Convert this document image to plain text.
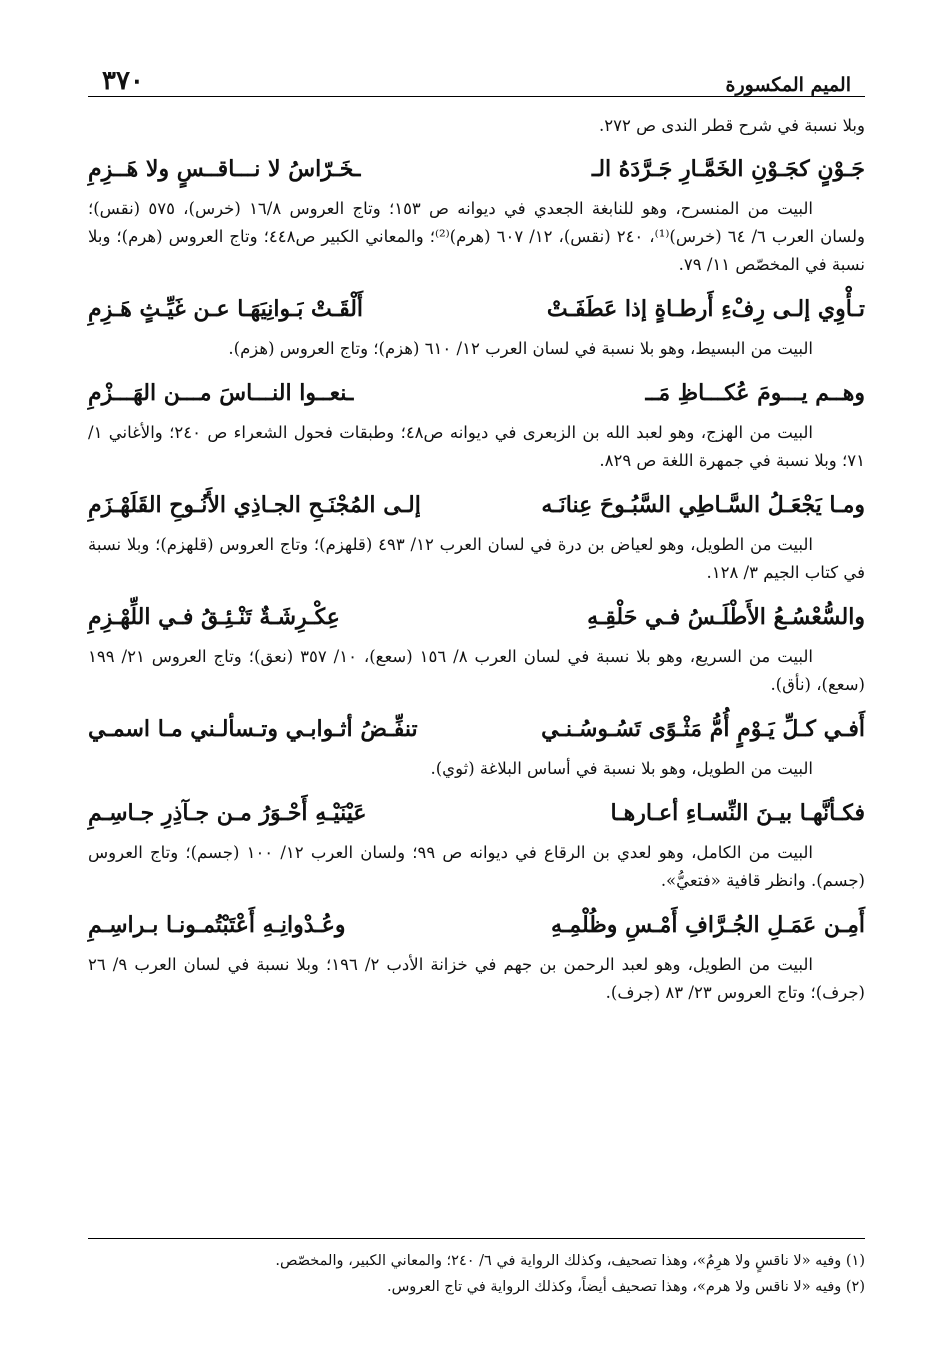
الميم المكسورة
٣٧٠
وبلا نسبة في شرح قطر الندى ص ٢٧٢.
جَـوْنٍ كجَـوْنِ الخَمَّـارِ جَـرَّدَهُ الـ
ـخَـرّاسُ لا نـــاقــسٍ ولا هَــزِمِ
البيت من المنسرح، وهو للنابغة الجعدي في ديوانه ص ١٥٣؛ وتاج العروس ١٦/٨ (خرس)، ٥٧٥ (نقس)؛ ولسان العرب ٦/ ٦٤ (خرس)⁽¹⁾، ٢٤٠ (نقس)، ١٢/ ٦٠٧ (هرم)⁽²⁾؛ والمعاني الكبير ص٤٤٨؛ وتاج العروس (هرم)؛ وبلا نسبة في المخصّص ١١/ ٧٩.
تـأْوِي إلـى رِفْءِ أَرطـاةٍ إذا عَطَفَـتْ
أَلْقَـتْ بَـوانِيَهَـا عـن غَيِّـثٍ هَـزِمِ
البيت من البسيط، وهو بلا نسبة في لسان العرب ١٢/ ٦١٠ (هزم)؛ وتاج العروس (هزم).
وهــم يـــومَ عُكـــاظِ مَــ
ـنعــوا النـــاسَ مـــن الهَـــزْمِ
البيت من الهزج، وهو لعبد الله بن الزبعرى في ديوانه ص٤٨؛ وطبقات فحول الشعراء ص ٢٤٠؛ والأغاني ١/ ٧١؛ وبلا نسبة في جمهرة اللغة ص ٨٢٩.
ومـا يَجْعَـلُ السَّـاطِي السَّبُـوحَ عِنانَـه
إلـى المُجْنَـحِ الجـاذِي الأَنُـوحِ القَلَهْـزَمِ
البيت من الطويل، وهو لعياض بن درة في لسان العرب ١٢/ ٤٩٣ (قلهزم)؛ وتاج العروس (قلهزم)؛ وبلا نسبة في كتاب الجيم ٣/ ١٢٨.
والسُّعْسُـعُ الأَطْلَـسُ فـي حَلْقِـهِ
عِكْـرِشَـةٌ تَنْـئِـقُ فـي اللِّهْـزِمِ
البيت من السريع، وهو بلا نسبة في لسان العرب ٨/ ١٥٦ (سعع)، ١٠/ ٣٥٧ (نعق)؛ وتاج العروس ٢١/ ١٩٩ (سعع)، (نأق).
أَفـي كـلِّ يَـوْمٍ أُمُّ مَثْـوًى تَسُـوسُـنـي
تنفِّـضُ أثـوابـي وتـسألـني مـا اسمـي
البيت من الطويل، وهو بلا نسبة في أساس البلاغة (ثوي).
فكـأنَّهـا بيـنَ النِّسـاءِ أعـارهـا
عَيْنَيْـهِ أَحْـوَرُ مـن جـآذِرِ جـاسِـمِ
البيت من الكامل، وهو لعدي بن الرقاع في ديوانه ص ٩٩؛ ولسان العرب ١٢/ ١٠٠ (جسم)؛ وتاج العروس (جسم). وانظر قافية «فتعيُّ».
أَمِـن عَمَـلِ الجُـرَّافِ أَمْـسِ وظُلْمِـهِ
وعُـدْوانِـهِ أَعْتَبْتُمـونـا بـراسِـمِ
البيت من الطويل، وهو لعبد الرحمن بن جهم في خزانة الأدب ٢/ ١٩٦؛ وبلا نسبة في لسان العرب ٩/ ٢٦ (جرف)؛ وتاج العروس ٢٣/ ٨٣ (جرف).
(١) وفيه «لا ناقسٍ ولا هرِمُ»، وهذا تصحيف، وكذلك الرواية في ٦/ ٢٤٠؛ والمعاني الكبير، والمخصّص.
(٢) وفيه «لا ناقس ولا هرم»، وهذا تصحيف أيضاً، وكذلك الرواية في تاج العروس.
